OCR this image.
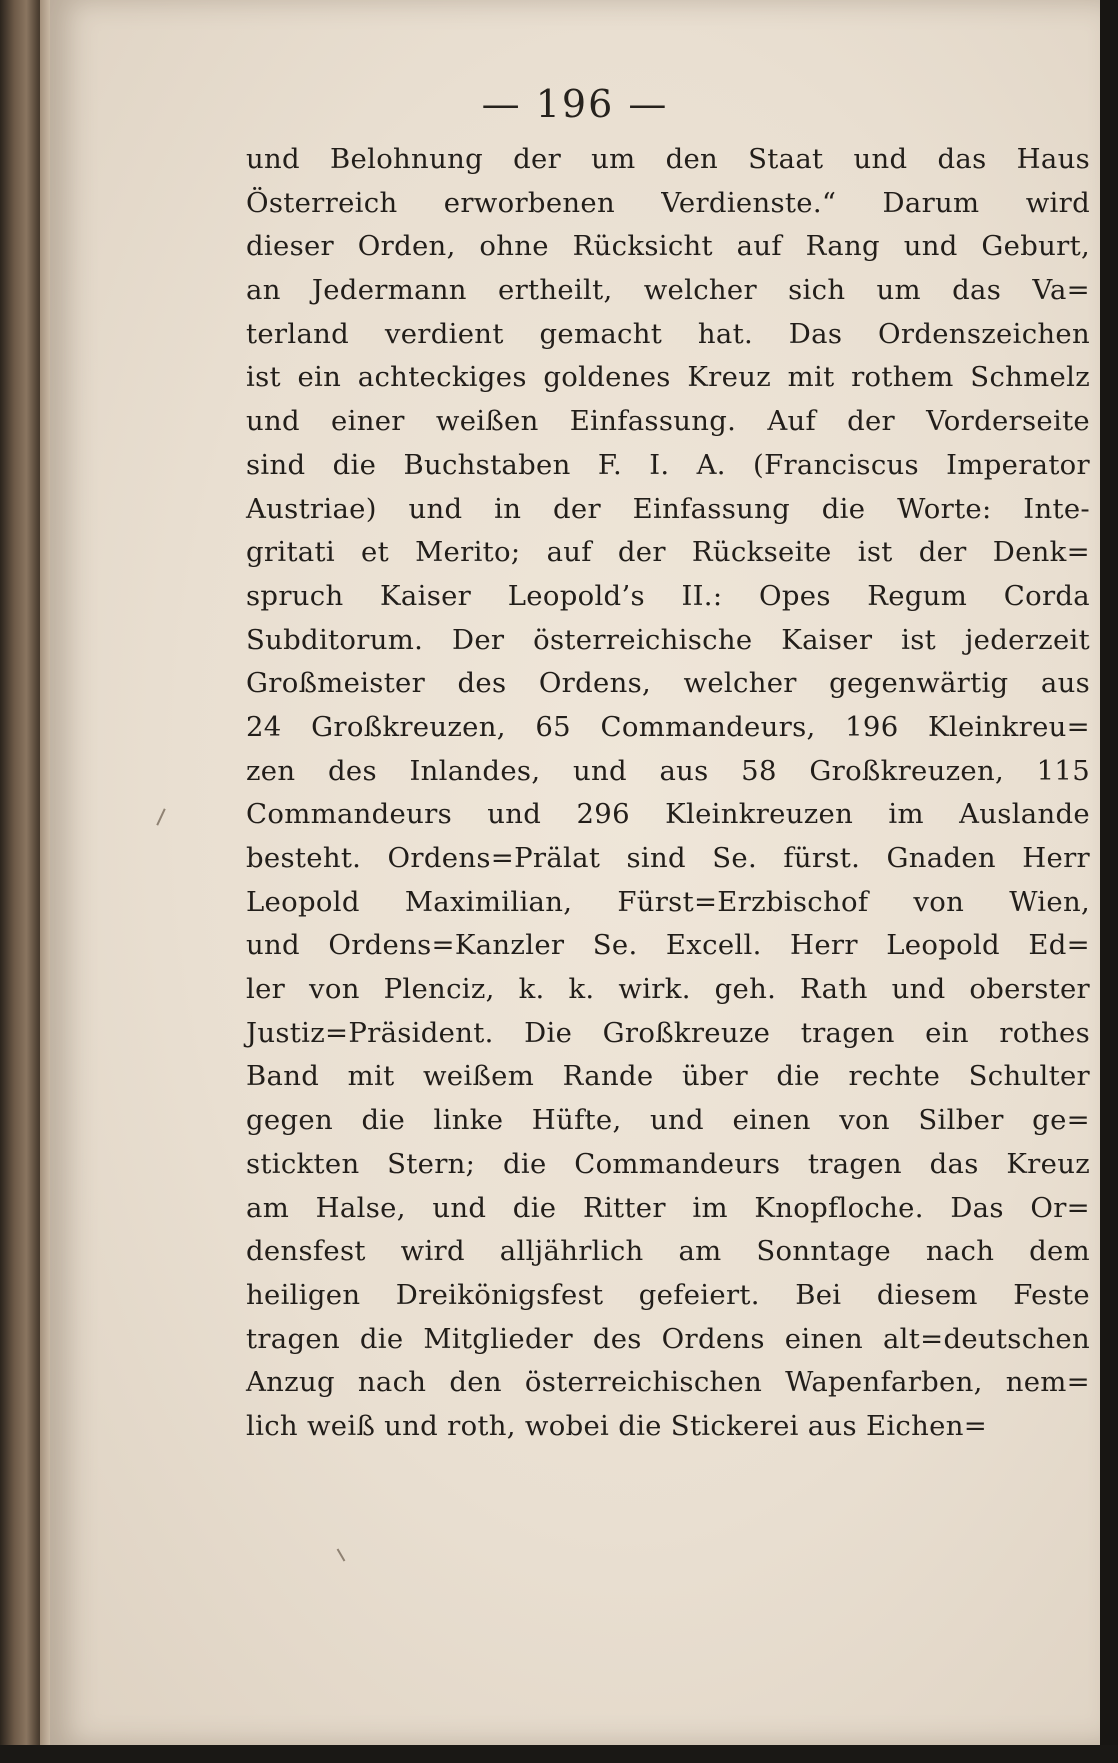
— 196 —
und Belohnung der um den Staat und das Haus
Österreich erworbenen Verdienste.“ Darum wird
dieser Orden, ohne Rücksicht auf Rang und Geburt,
an Jedermann ertheilt, welcher sich um das Va=
terland verdient gemacht hat. Das Ordenszeichen
ist ein achteckiges goldenes Kreuz mit rothem Schmelz
und einer weißen Einfassung. Auf der Vorderseite
sind die Buchstaben F. I. A. (Franciscus Imperator
Austriae) und in der Einfassung die Worte: Inte-
gritati et Merito; auf der Rückseite ist der Denk=
spruch Kaiser Leopold’s II.: Opes Regum Corda
Subditorum. Der österreichische Kaiser ist jederzeit
Großmeister des Ordens, welcher gegenwärtig aus
24 Großkreuzen, 65 Commandeurs, 196 Kleinkreu=
zen des Inlandes, und aus 58 Großkreuzen, 115
Commandeurs und 296 Kleinkreuzen im Auslande
besteht. Ordens=Prälat sind Se. fürst. Gnaden Herr
Leopold Maximilian, Fürst=Erzbischof von Wien,
und Ordens=Kanzler Se. Excell. Herr Leopold Ed=
ler von Plenciz, k. k. wirk. geh. Rath und oberster
Justiz=Präsident. Die Großkreuze tragen ein rothes
Band mit weißem Rande über die rechte Schulter
gegen die linke Hüfte, und einen von Silber ge=
stickten Stern; die Commandeurs tragen das Kreuz
am Halse, und die Ritter im Knopfloche. Das Or=
densfest wird alljährlich am Sonntage nach dem
heiligen Dreikönigsfest gefeiert. Bei diesem Feste
tragen die Mitglieder des Ordens einen alt=deutschen
Anzug nach den österreichischen Wapenfarben, nem=
lich weiß und roth, wobei die Stickerei aus Eichen=
